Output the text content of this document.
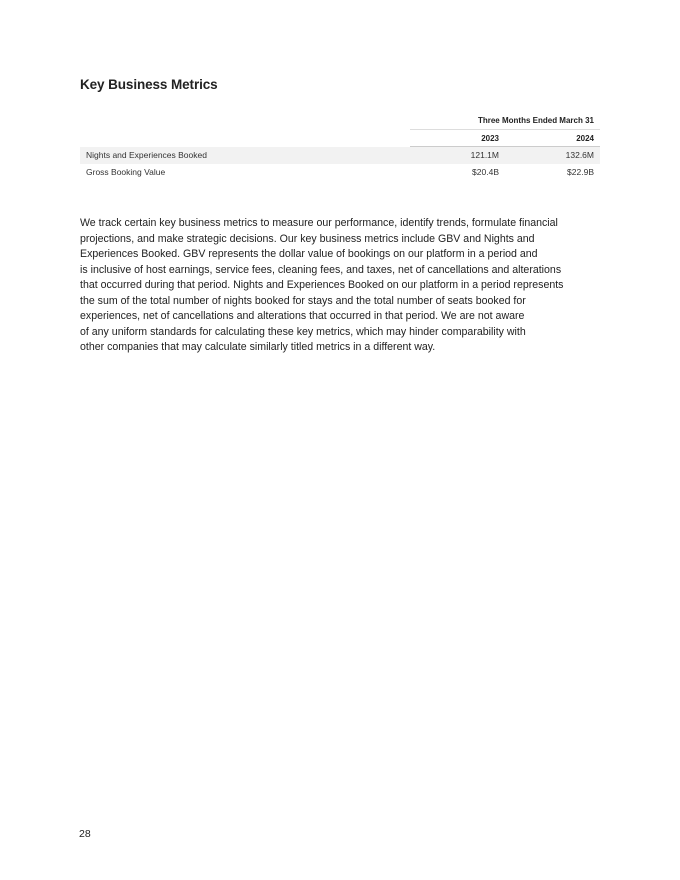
Key Business Metrics
Three Months Ended March 31
2023	2024
Nights and Experiences Booked	121.1M	132.6M
Gross Booking Value	$20.4B	$22.9B

We track certain key business metrics to measure our performance, identify trends, formulate financial
projections, and make strategic decisions. Our key business metrics include GBV and Nights and
Experiences Booked. GBV represents the dollar value of bookings on our platform in a period and
is inclusive of host earnings, service fees, cleaning fees, and taxes, net of cancellations and alterations
that occurred during that period. Nights and Experiences Booked on our platform in a period represents
the sum of the total number of nights booked for stays and the total number of seats booked for
experiences, net of cancellations and alterations that occurred in that period. We are not aware
of any uniform standards for calculating these key metrics, which may hinder comparability with
other companies that may calculate similarly titled metrics in a different way.

28
